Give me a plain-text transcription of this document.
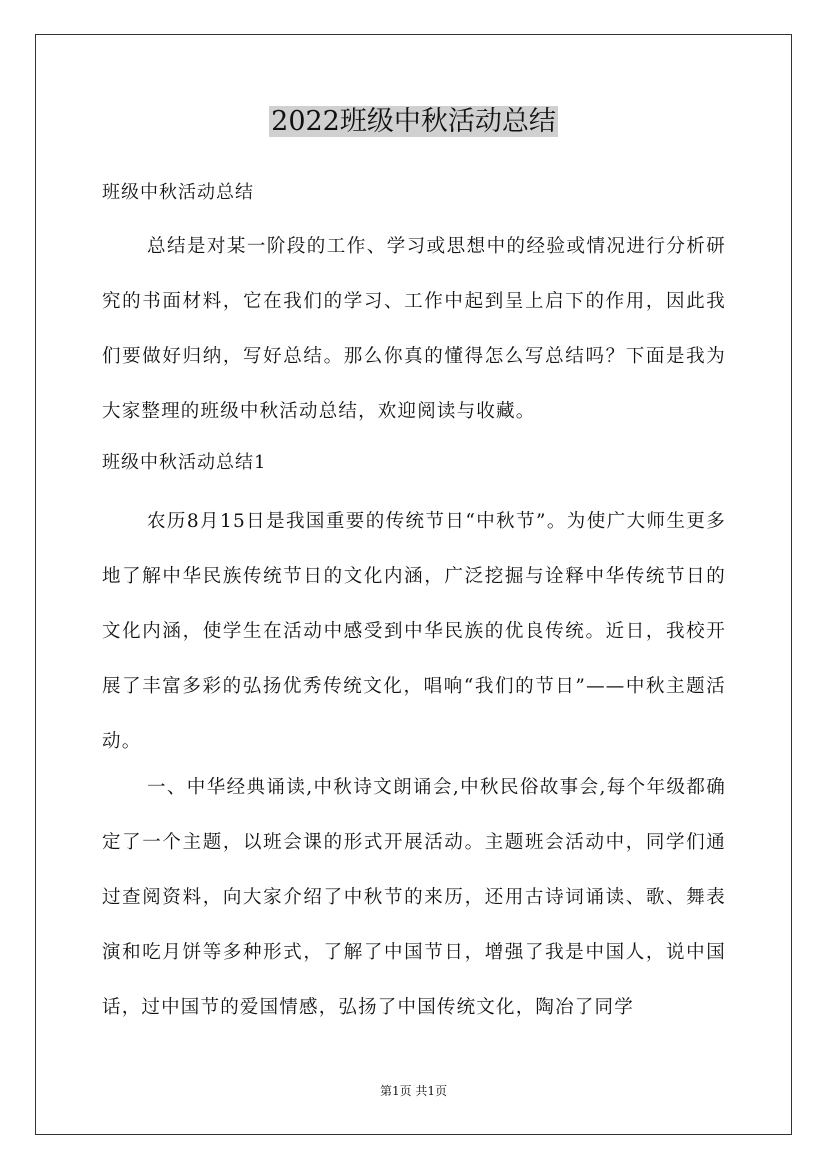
2022班级中秋活动总结
班级中秋活动总结

总结是对某一阶段的工作、学习或思想中的经验或情况进行分析研究的书面材料，它在我们的学习、工作中起到呈上启下的作用，因此我们要做好归纳，写好总结。那么你真的懂得怎么写总结吗？下面是我为大家整理的班级中秋活动总结，欢迎阅读与收藏。

班级中秋活动总结1

农历8月15日是我国重要的传统节日“中秋节”。为使广大师生更多地了解中华民族传统节日的文化内涵，广泛挖掘与诠释中华传统节日的文化内涵，使学生在活动中感受到中华民族的优良传统。近日，我校开展了丰富多彩的弘扬优秀传统文化，唱响“我们的节日”——中秋主题活动。

一、中华经典诵读,中秋诗文朗诵会,中秋民俗故事会,每个年级都确定了一个主题，以班会课的形式开展活动。主题班会活动中，同学们通过查阅资料，向大家介绍了中秋节的来历，还用古诗词诵读、歌、舞表演和吃月饼等多种形式，了解了中国节日，增强了我是中国人，说中国话，过中国节的爱国情感，弘扬了中国传统文化，陶冶了同学

第1页 共1页
